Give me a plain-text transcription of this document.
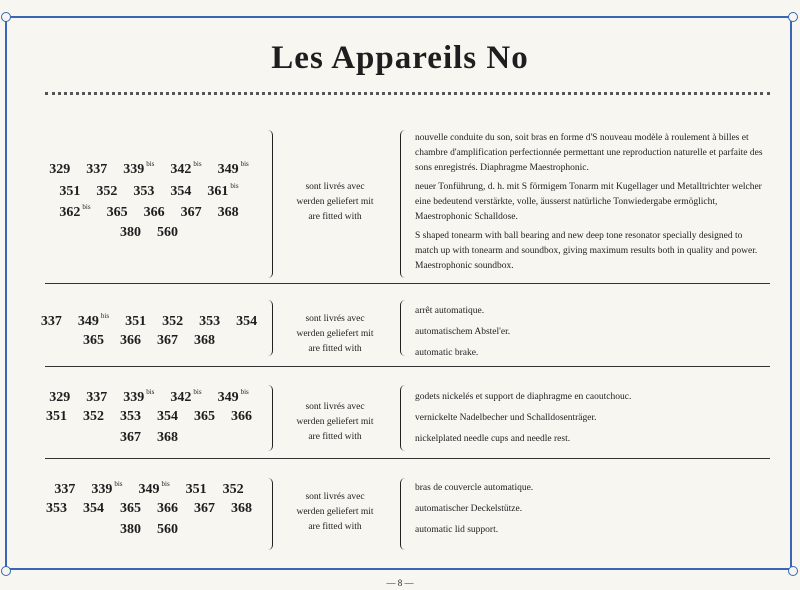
Les Appareils No
329 337 339 $^{bis}$ 342 $^{bis}$ 349 $^{bis}$
351 352 353 354 361 $^{bis}$
362 $^{bis}$ 365 366 367 368
380 560
sont livrés avec
werden geliefert mit
are fitted with

nouvelle conduite du son, soit bras en forme d'S nouveau modèle à roulement à billes et chambre d'amplification perfectionnée permettant une reproduction naturelle et parfaite des sons enregistrés. Diaphragme Maestrophonic.

neuer Tonführung, d. h. mit S förmigem Tonarm mit Kugellager und Metalltrichter welcher eine bedeutend verstärkte, volle, äusserst natürliche Tonwiedergabe ermöglicht, Maestrophonic Schalldose.

S shaped tonearm with ball bearing and new deep tone resonator specially designed to match up with tonearm and soundbox, giving maximum results both in quality and power. Maestrophonic soundbox.

337 349 $^{bis}$ 351 352 353 354
365 366 367 368
sont livrés avec
werden geliefert mit
are fitted with

arrêt automatique.

automatischem Abstel'er.

automatic brake.

329 337 339 $^{bis}$ 342 $^{bis}$ 349 $^{bis}$
351 352 353 354 365 366
367 368
sont livrés avec
werden geliefert mit
are fitted with

godets nickelés et support de diaphragme en caoutchouc.

vernickelte Nadelbecher und Schalldosenträger.

nickelplated needle cups and needle rest.

337 339 $^{bis}$ 349 $^{bis}$ 351 352
353 354 365 366 367 368
380 560
sont livrés avec
werden geliefert mit
are fitted with

bras de couvercle automatique.

automatischer Deckelstütze.

automatic lid support.

— 8 —
